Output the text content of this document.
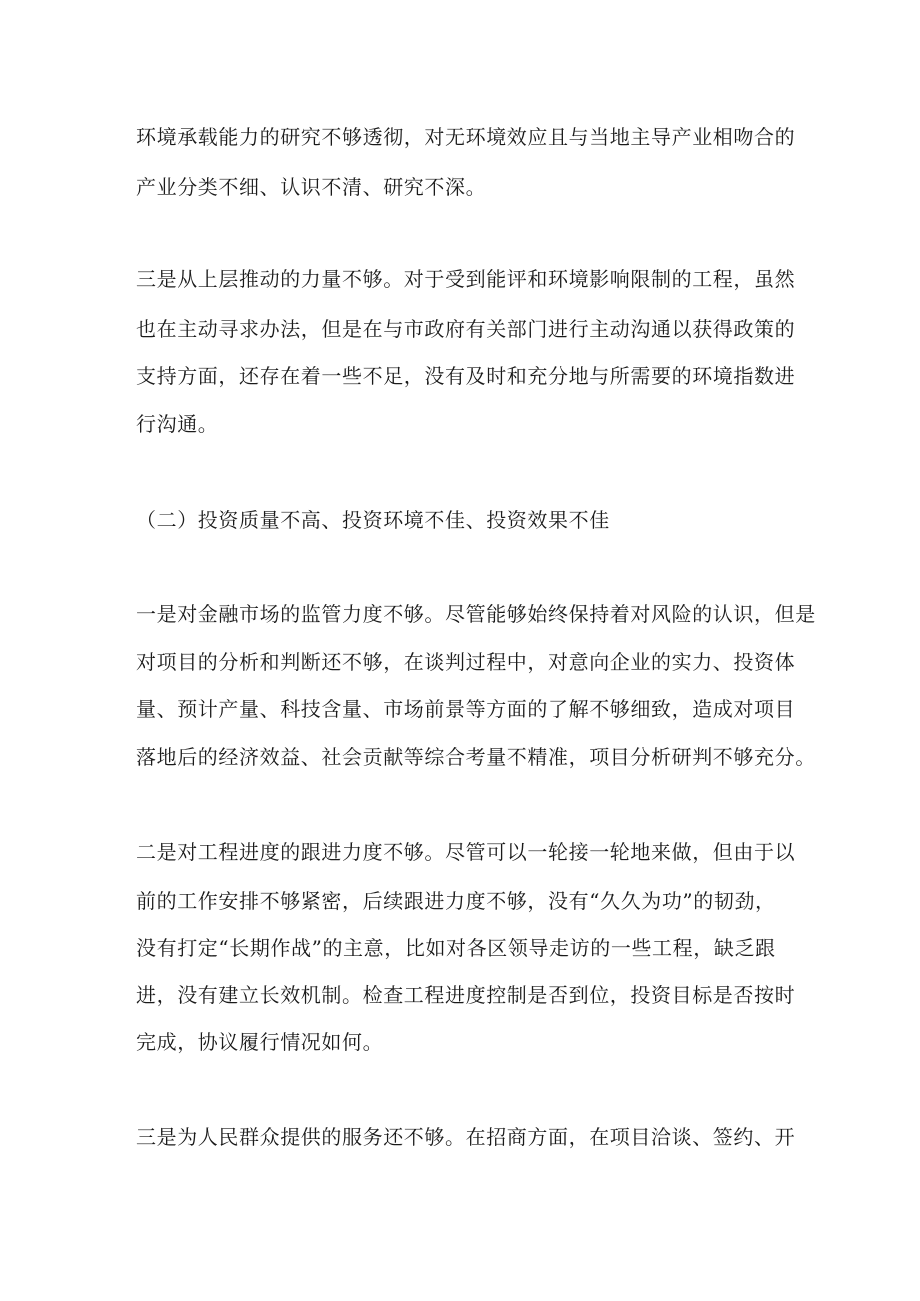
环境承载能力的研究不够透彻，对无环境效应且与当地主导产业相吻合的

产业分类不细、认识不清、研究不深。

三是从上层推动的力量不够。对于受到能评和环境影响限制的工程，虽然

也在主动寻求办法，但是在与市政府有关部门进行主动沟通以获得政策的

支持方面，还存在着一些不足，没有及时和充分地与所需要的环境指数进

行沟通。

（二）投资质量不高、投资环境不佳、投资效果不佳

一是对金融市场的监管力度不够。尽管能够始终保持着对风险的认识，但是

对项目的分析和判断还不够，在谈判过程中，对意向企业的实力、投资体

量、预计产量、科技含量、市场前景等方面的了解不够细致，造成对项目

落地后的经济效益、社会贡献等综合考量不精准，项目分析研判不够充分。

二是对工程进度的跟进力度不够。尽管可以一轮接一轮地来做，但由于以

前的工作安排不够紧密，后续跟进力度不够，没有“久久为功”的韧劲，

没有打定“长期作战”的主意，比如对各区领导走访的一些工程，缺乏跟

进，没有建立长效机制。检查工程进度控制是否到位，投资目标是否按时

完成，协议履行情况如何。

三是为人民群众提供的服务还不够。在招商方面，在项目洽谈、签约、开
